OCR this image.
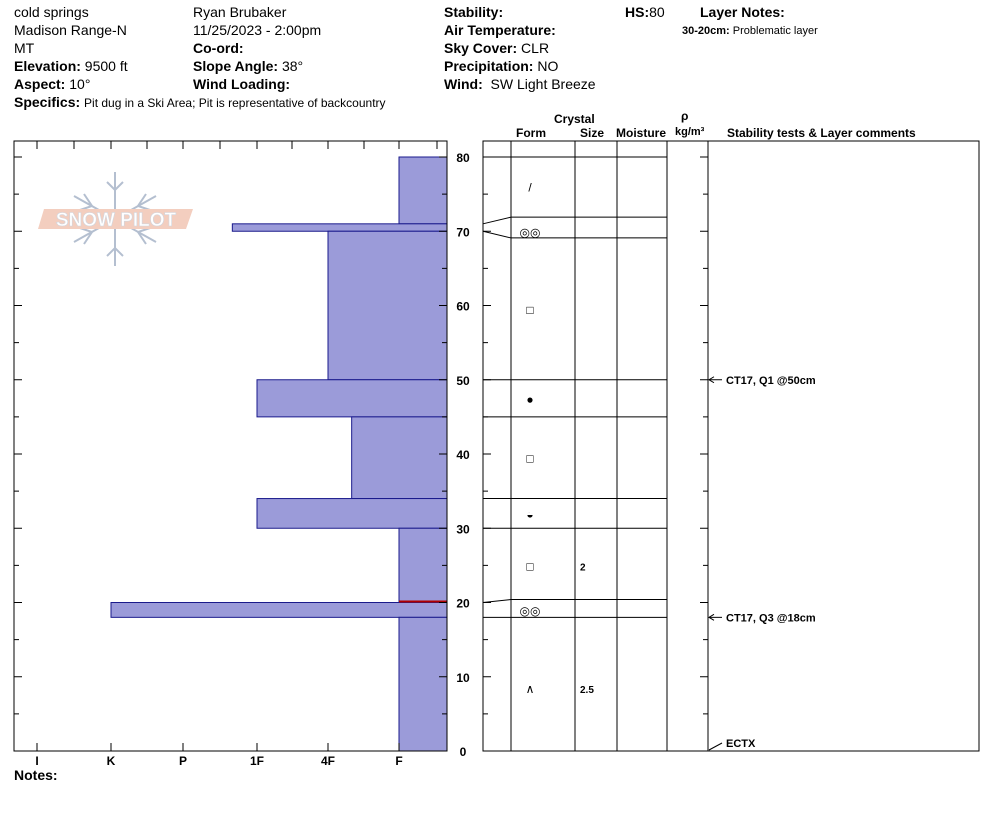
cold springs
Madison Range-N
MT
Elevation: 9500 ft
Aspect: 10°
Specifics: Pit dug in a Ski Area; Pit is representative of backcountry
Ryan Brubaker
11/25/2023 - 2:00pm
Co-ord:
Slope Angle: 38°
Wind Loading:
Stability:
Air Temperature:
Sky Cover: CLR
Precipitation: NO
Wind: SW Light Breeze
HS:80	Layer Notes:
30-20cm: Problematic layer
Crystal
Form	Size Moisture
ρ
kg/m³ Stability tests & Layer comments
SNOW PILOT
I	K	P	1F	4F	F
0
10
20
30
40
50
60
70
80
/
◎◎
□
●
□
◒
□	2
◎◎
∧	2.5
CT17, Q1 @50cm
CT17, Q3 @18cm
ECTX
Notes:
